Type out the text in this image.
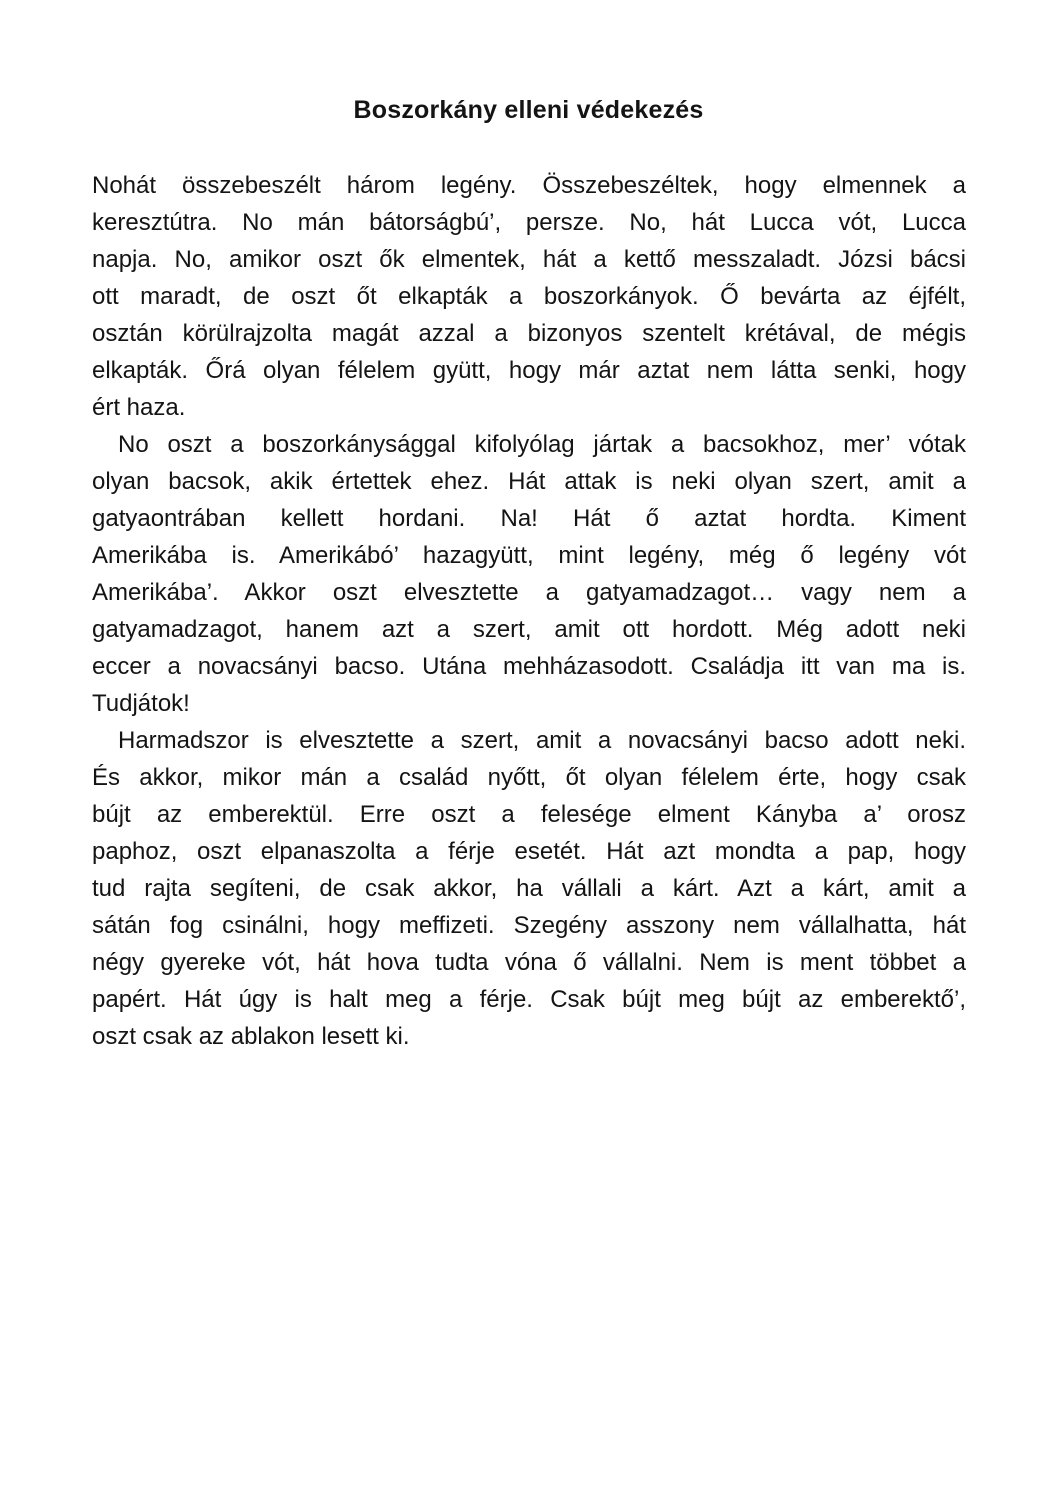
Boszorkány elleni védekezés
Nohát összebeszélt három legény. Összebeszéltek, hogy elmennek a
keresztútra. No mán bátorságbú’, persze. No, hát Lucca vót, Lucca
napja. No, amikor oszt ők elmentek, hát a kettő messzaladt. Józsi bácsi
ott maradt, de oszt őt elkapták a boszorkányok. Ő bevárta az éjfélt,
osztán körülrajzolta magát azzal a bizonyos szentelt krétával, de mégis
elkapták. Őrá olyan félelem gyütt, hogy már aztat nem látta senki, hogy
ért haza.
No oszt a boszorkánysággal kifolyólag jártak a bacsokhoz, mer’ vótak
olyan bacsok, akik értettek ehez. Hát attak is neki olyan szert, amit a
gatyaontrában kellett hordani. Na! Hát ő aztat hordta. Kiment
Amerikába is. Amerikábó’ hazagyütt, mint legény, még ő legény vót
Amerikába’. Akkor oszt elvesztette a gatyamadzagot… vagy nem a
gatyamadzagot, hanem azt a szert, amit ott hordott. Még adott neki
eccer a novacsányi bacso. Utána mehházasodott. Családja itt van ma is.
Tudjátok!
Harmadszor is elvesztette a szert, amit a novacsányi bacso adott neki.
És akkor, mikor mán a család nyőtt, őt olyan félelem érte, hogy csak
bújt az emberektül. Erre oszt a felesége elment Kányba a’ orosz
paphoz, oszt elpanaszolta a férje esetét. Hát azt mondta a pap, hogy
tud rajta segíteni, de csak akkor, ha vállali a kárt. Azt a kárt, amit a
sátán fog csinálni, hogy meffizeti. Szegény asszony nem vállalhatta, hát
négy gyereke vót, hát hova tudta vóna ő vállalni. Nem is ment többet a
papért. Hát úgy is halt meg a férje. Csak bújt meg bújt az emberektő’,
oszt csak az ablakon lesett ki.
